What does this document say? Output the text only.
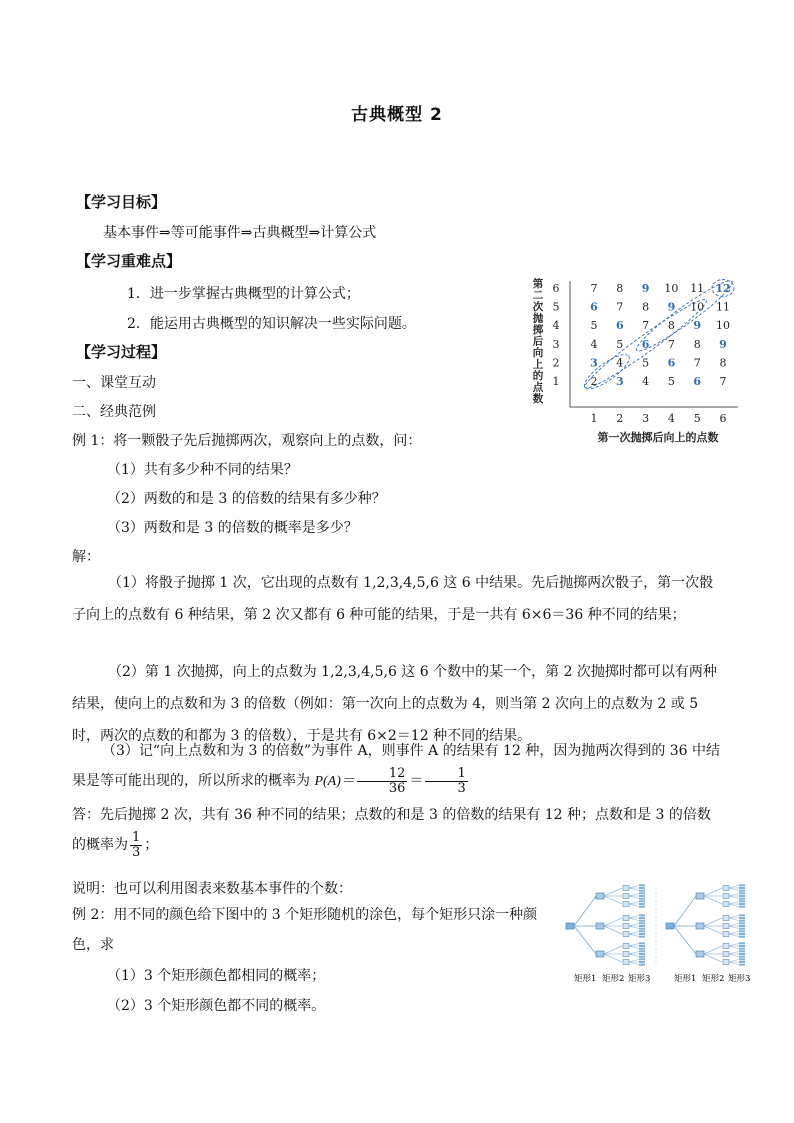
古典概型 2
【学习目标】
基本事件⇒等可能事件⇒古典概型⇒计算公式
【学习重难点】
1．进一步掌握古典概型的计算公式；
2．能运用古典概型的知识解决一些实际问题。
【学习过程】
一、课堂互动
二、经典范例
例 1：将一颗骰子先后抛掷两次，观察向上的点数，问：
（1）共有多少种不同的结果？
（2）两数的和是 3 的倍数的结果有多少种？
（3）两数和是 3 的倍数的概率是多少？
解：
（1）将骰子抛掷 1 次，它出现的点数有 1,2,3,4,5,6 这 6 中结果。先后抛掷两次骰子，第一次骰子向上的点数有 6 种结果，第 2 次又都有 6 种可能的结果，于是一共有 6×6＝36 种不同的结果；
（2）第 1 次抛掷，向上的点数为 1,2,3,4,5,6 这 6 个数中的某一个，第 2 次抛掷时都可以有两种结果，使向上的点数和为 3 的倍数（例如：第一次向上的点数为 4，则当第 2 次向上的点数为 2 或 5 时，两次的点数的和都为 3 的倍数），于是共有 6×2＝12 种不同的结果。
（3）记“向上点数和为 3 的倍数”为事件 A，则事件 A 的结果有 12 种，因为抛两次得到的 36 中结果是等可能出现的，所以所求的概率为 $P(A)= \frac{12}{36} = \frac{1}{3}$
答：先后抛掷 2 次，共有 36 种不同的结果；点数的和是 3 的倍数的结果有 12 种；点数和是 3 的倍数的概率为 $\frac{1}{3}$ ；
说明：也可以利用图表来数基本事件的个数：
例 2：用不同的颜色给下图中的 3 个矩形随机的涂色，每个矩形只涂一种颜色，求
（1）3 个矩形颜色都相同的概率；
（2）3 个矩形颜色都不同的概率。
第
二
次
抛
掷
后
向
上
的
点
数
2 3 4 5 6 7
3 4 5 6 7 8
4 5 6 7 8 9
5 6 7 8 9 10
6 7 8 9 10 11
7 8 9 10 11 12
1
2
3
4
5
6
1 2 3 4 5 6
第一次抛掷后向上的点数
矩形1 矩形2 矩形3	矩形1 矩形2 矩形3
